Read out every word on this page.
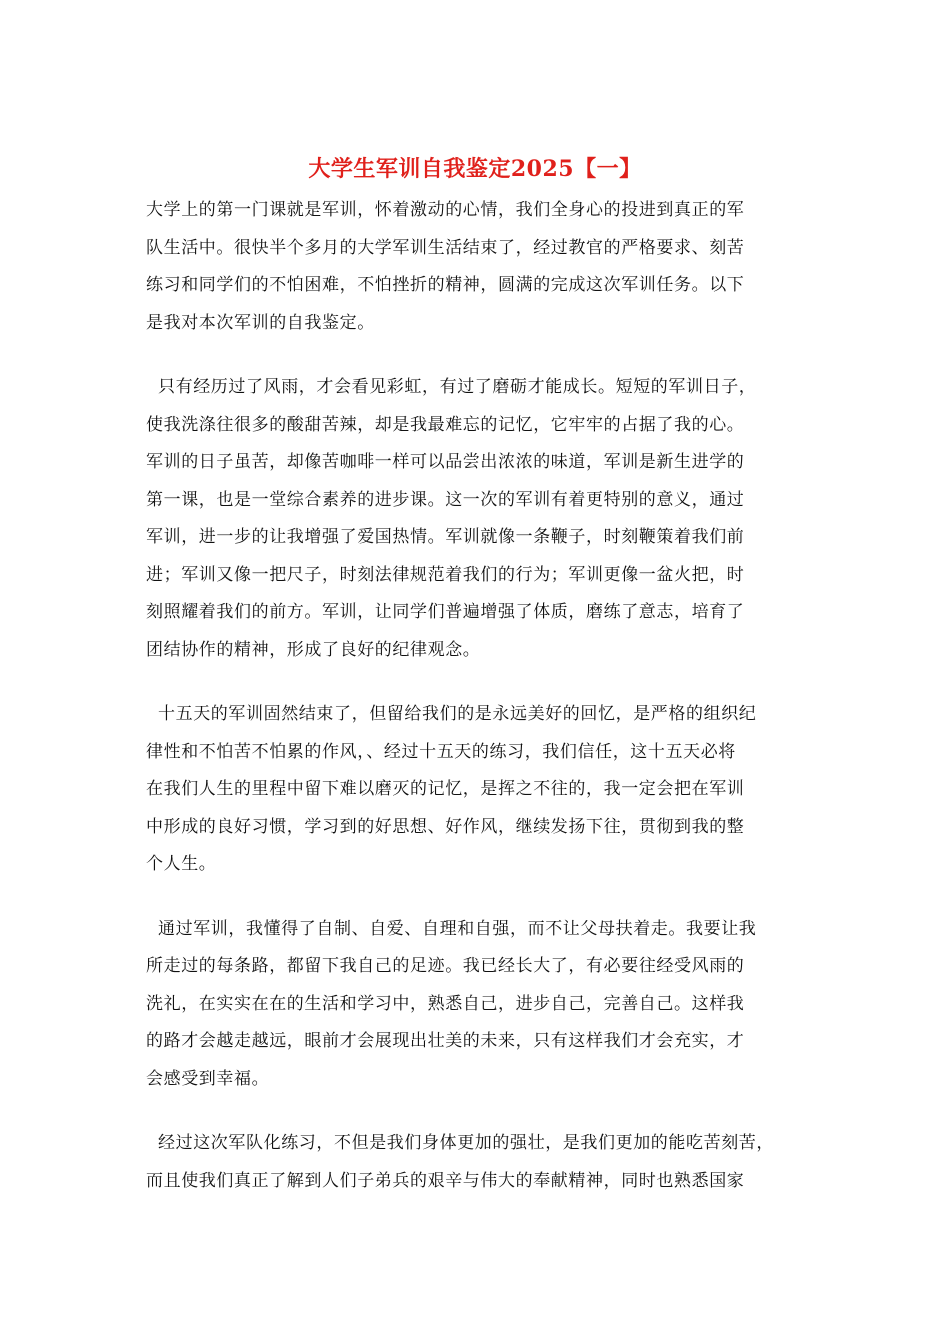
大学生军训自我鉴定2025【一】
大学上的第一门课就是军训，怀着激动的心情，我们全身心的投进到真正的军
队生活中。很快半个多月的大学军训生活结束了，经过教官的严格要求、刻苦
练习和同学们的不怕困难，不怕挫折的精神，圆满的完成这次军训任务。以下
是我对本次军训的自我鉴定。
只有经历过了风雨，才会看见彩虹，有过了磨砺才能成长。短短的军训日子，
使我洗涤往很多的酸甜苦辣，却是我最难忘的记忆，它牢牢的占据了我的心。
军训的日子虽苦，却像苦咖啡一样可以品尝出浓浓的味道，军训是新生进学的
第一课，也是一堂综合素养的进步课。这一次的军训有着更特别的意义，通过
军训，进一步的让我增强了爱国热情。军训就像一条鞭子，时刻鞭策着我们前
进；军训又像一把尺子，时刻法律规范着我们的行为；军训更像一盆火把，时
刻照耀着我们的前方。军训，让同学们普遍增强了体质，磨练了意志，培育了
团结协作的精神，形成了良好的纪律观念。
十五天的军训固然结束了，但留给我们的是永远美好的回忆，是严格的组织纪
律性和不怕苦不怕累的作风，、经过十五天的练习，我们信任，这十五天必将
在我们人生的里程中留下难以磨灭的记忆，是挥之不往的，我一定会把在军训
中形成的良好习惯，学习到的好思想、好作风，继续发扬下往，贯彻到我的整
个人生。
通过军训，我懂得了自制、自爱、自理和自强，而不让父母扶着走。我要让我
所走过的每条路，都留下我自己的足迹。我已经长大了，有必要往经受风雨的
洗礼，在实实在在的生活和学习中，熟悉自己，进步自己，完善自己。这样我
的路才会越走越远，眼前才会展现出壮美的未来，只有这样我们才会充实，才
会感受到幸福。
经过这次军队化练习，不但是我们身体更加的强壮，是我们更加的能吃苦刻苦，
而且使我们真正了解到人们子弟兵的艰辛与伟大的奉献精神，同时也熟悉国家
